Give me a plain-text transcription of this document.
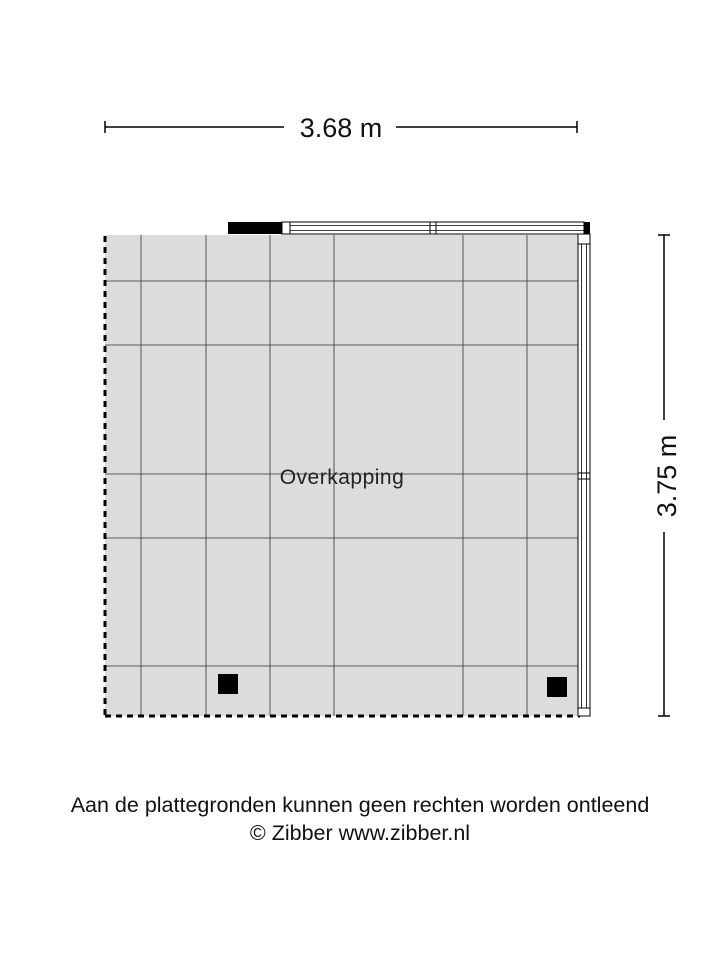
3.68 m
3.75 m
Overkapping
Aan de plattegronden kunnen geen rechten worden ontleend
© Zibber www.zibber.nl
